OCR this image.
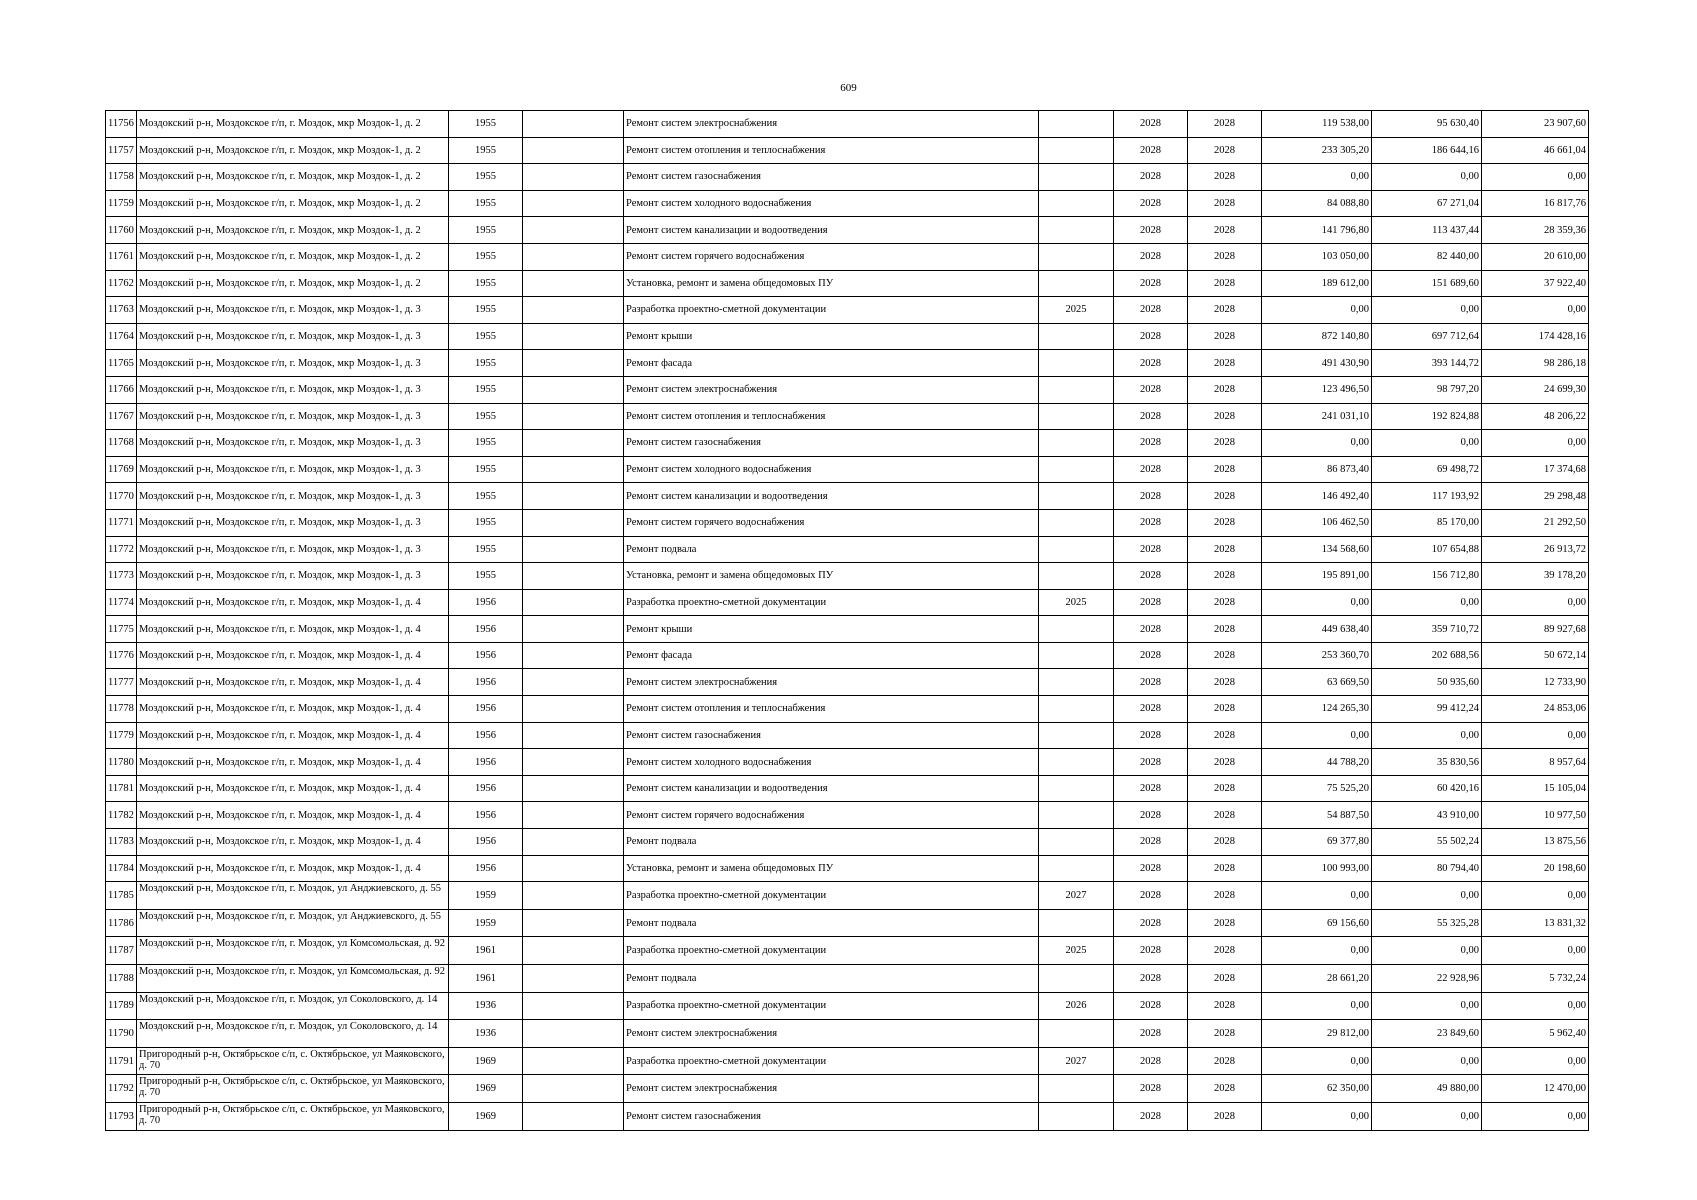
609
11756	Моздокский р-н, Моздокское г/п, г. Моздок, мкр Моздок-1, д. 2	1955		Ремонт систем электроснабжения		2028	2028	119 538,00	95 630,40	23 907,60
11757	Моздокский р-н, Моздокское г/п, г. Моздок, мкр Моздок-1, д. 2	1955		Ремонт систем отопления и теплоснабжения		2028	2028	233 305,20	186 644,16	46 661,04
11758	Моздокский р-н, Моздокское г/п, г. Моздок, мкр Моздок-1, д. 2	1955		Ремонт систем газоснабжения		2028	2028	0,00	0,00	0,00
11759	Моздокский р-н, Моздокское г/п, г. Моздок, мкр Моздок-1, д. 2	1955		Ремонт систем холодного водоснабжения		2028	2028	84 088,80	67 271,04	16 817,76
11760	Моздокский р-н, Моздокское г/п, г. Моздок, мкр Моздок-1, д. 2	1955		Ремонт систем канализации и водоотведения		2028	2028	141 796,80	113 437,44	28 359,36
11761	Моздокский р-н, Моздокское г/п, г. Моздок, мкр Моздок-1, д. 2	1955		Ремонт систем горячего водоснабжения		2028	2028	103 050,00	82 440,00	20 610,00
11762	Моздокский р-н, Моздокское г/п, г. Моздок, мкр Моздок-1, д. 2	1955		Установка, ремонт и замена общедомовых ПУ		2028	2028	189 612,00	151 689,60	37 922,40
11763	Моздокский р-н, Моздокское г/п, г. Моздок, мкр Моздок-1, д. 3	1955		Разработка проектно-сметной документации	2025	2028	2028	0,00	0,00	0,00
11764	Моздокский р-н, Моздокское г/п, г. Моздок, мкр Моздок-1, д. 3	1955		Ремонт крыши		2028	2028	872 140,80	697 712,64	174 428,16
11765	Моздокский р-н, Моздокское г/п, г. Моздок, мкр Моздок-1, д. 3	1955		Ремонт фасада		2028	2028	491 430,90	393 144,72	98 286,18
11766	Моздокский р-н, Моздокское г/п, г. Моздок, мкр Моздок-1, д. 3	1955		Ремонт систем электроснабжения		2028	2028	123 496,50	98 797,20	24 699,30
11767	Моздокский р-н, Моздокское г/п, г. Моздок, мкр Моздок-1, д. 3	1955		Ремонт систем отопления и теплоснабжения		2028	2028	241 031,10	192 824,88	48 206,22
11768	Моздокский р-н, Моздокское г/п, г. Моздок, мкр Моздок-1, д. 3	1955		Ремонт систем газоснабжения		2028	2028	0,00	0,00	0,00
11769	Моздокский р-н, Моздокское г/п, г. Моздок, мкр Моздок-1, д. 3	1955		Ремонт систем холодного водоснабжения		2028	2028	86 873,40	69 498,72	17 374,68
11770	Моздокский р-н, Моздокское г/п, г. Моздок, мкр Моздок-1, д. 3	1955		Ремонт систем канализации и водоотведения		2028	2028	146 492,40	117 193,92	29 298,48
11771	Моздокский р-н, Моздокское г/п, г. Моздок, мкр Моздок-1, д. 3	1955		Ремонт систем горячего водоснабжения		2028	2028	106 462,50	85 170,00	21 292,50
11772	Моздокский р-н, Моздокское г/п, г. Моздок, мкр Моздок-1, д. 3	1955		Ремонт подвала		2028	2028	134 568,60	107 654,88	26 913,72
11773	Моздокский р-н, Моздокское г/п, г. Моздок, мкр Моздок-1, д. 3	1955		Установка, ремонт и замена общедомовых ПУ		2028	2028	195 891,00	156 712,80	39 178,20
11774	Моздокский р-н, Моздокское г/п, г. Моздок, мкр Моздок-1, д. 4	1956		Разработка проектно-сметной документации	2025	2028	2028	0,00	0,00	0,00
11775	Моздокский р-н, Моздокское г/п, г. Моздок, мкр Моздок-1, д. 4	1956		Ремонт крыши		2028	2028	449 638,40	359 710,72	89 927,68
11776	Моздокский р-н, Моздокское г/п, г. Моздок, мкр Моздок-1, д. 4	1956		Ремонт фасада		2028	2028	253 360,70	202 688,56	50 672,14
11777	Моздокский р-н, Моздокское г/п, г. Моздок, мкр Моздок-1, д. 4	1956		Ремонт систем электроснабжения		2028	2028	63 669,50	50 935,60	12 733,90
11778	Моздокский р-н, Моздокское г/п, г. Моздок, мкр Моздок-1, д. 4	1956		Ремонт систем отопления и теплоснабжения		2028	2028	124 265,30	99 412,24	24 853,06
11779	Моздокский р-н, Моздокское г/п, г. Моздок, мкр Моздок-1, д. 4	1956		Ремонт систем газоснабжения		2028	2028	0,00	0,00	0,00
11780	Моздокский р-н, Моздокское г/п, г. Моздок, мкр Моздок-1, д. 4	1956		Ремонт систем холодного водоснабжения		2028	2028	44 788,20	35 830,56	8 957,64
11781	Моздокский р-н, Моздокское г/п, г. Моздок, мкр Моздок-1, д. 4	1956		Ремонт систем канализации и водоотведения		2028	2028	75 525,20	60 420,16	15 105,04
11782	Моздокский р-н, Моздокское г/п, г. Моздок, мкр Моздок-1, д. 4	1956		Ремонт систем горячего водоснабжения		2028	2028	54 887,50	43 910,00	10 977,50
11783	Моздокский р-н, Моздокское г/п, г. Моздок, мкр Моздок-1, д. 4	1956		Ремонт подвала		2028	2028	69 377,80	55 502,24	13 875,56
11784	Моздокский р-н, Моздокское г/п, г. Моздок, мкр Моздок-1, д. 4	1956		Установка, ремонт и замена общедомовых ПУ		2028	2028	100 993,00	80 794,40	20 198,60
11785	Моздокский р-н, Моздокское г/п, г. Моздок, ул Анджиевского, д. 55	1959		Разработка проектно-сметной документации	2027	2028	2028	0,00	0,00	0,00
11786	Моздокский р-н, Моздокское г/п, г. Моздок, ул Анджиевского, д. 55	1959		Ремонт подвала		2028	2028	69 156,60	55 325,28	13 831,32
11787	Моздокский р-н, Моздокское г/п, г. Моздок, ул Комсомольская, д. 92	1961		Разработка проектно-сметной документации	2025	2028	2028	0,00	0,00	0,00
11788	Моздокский р-н, Моздокское г/п, г. Моздок, ул Комсомольская, д. 92	1961		Ремонт подвала		2028	2028	28 661,20	22 928,96	5 732,24
11789	Моздокский р-н, Моздокское г/п, г. Моздок, ул Соколовского, д. 14	1936		Разработка проектно-сметной документации	2026	2028	2028	0,00	0,00	0,00
11790	Моздокский р-н, Моздокское г/п, г. Моздок, ул Соколовского, д. 14	1936		Ремонт систем электроснабжения		2028	2028	29 812,00	23 849,60	5 962,40
11791	Пригородный р-н, Октябрьское с/п, с. Октябрьское, ул Маяковского, д. 70	1969		Разработка проектно-сметной документации	2027	2028	2028	0,00	0,00	0,00
11792	Пригородный р-н, Октябрьское с/п, с. Октябрьское, ул Маяковского, д. 70	1969		Ремонт систем электроснабжения		2028	2028	62 350,00	49 880,00	12 470,00
11793	Пригородный р-н, Октябрьское с/п, с. Октябрьское, ул Маяковского, д. 70	1969		Ремонт систем газоснабжения		2028	2028	0,00	0,00	0,00
